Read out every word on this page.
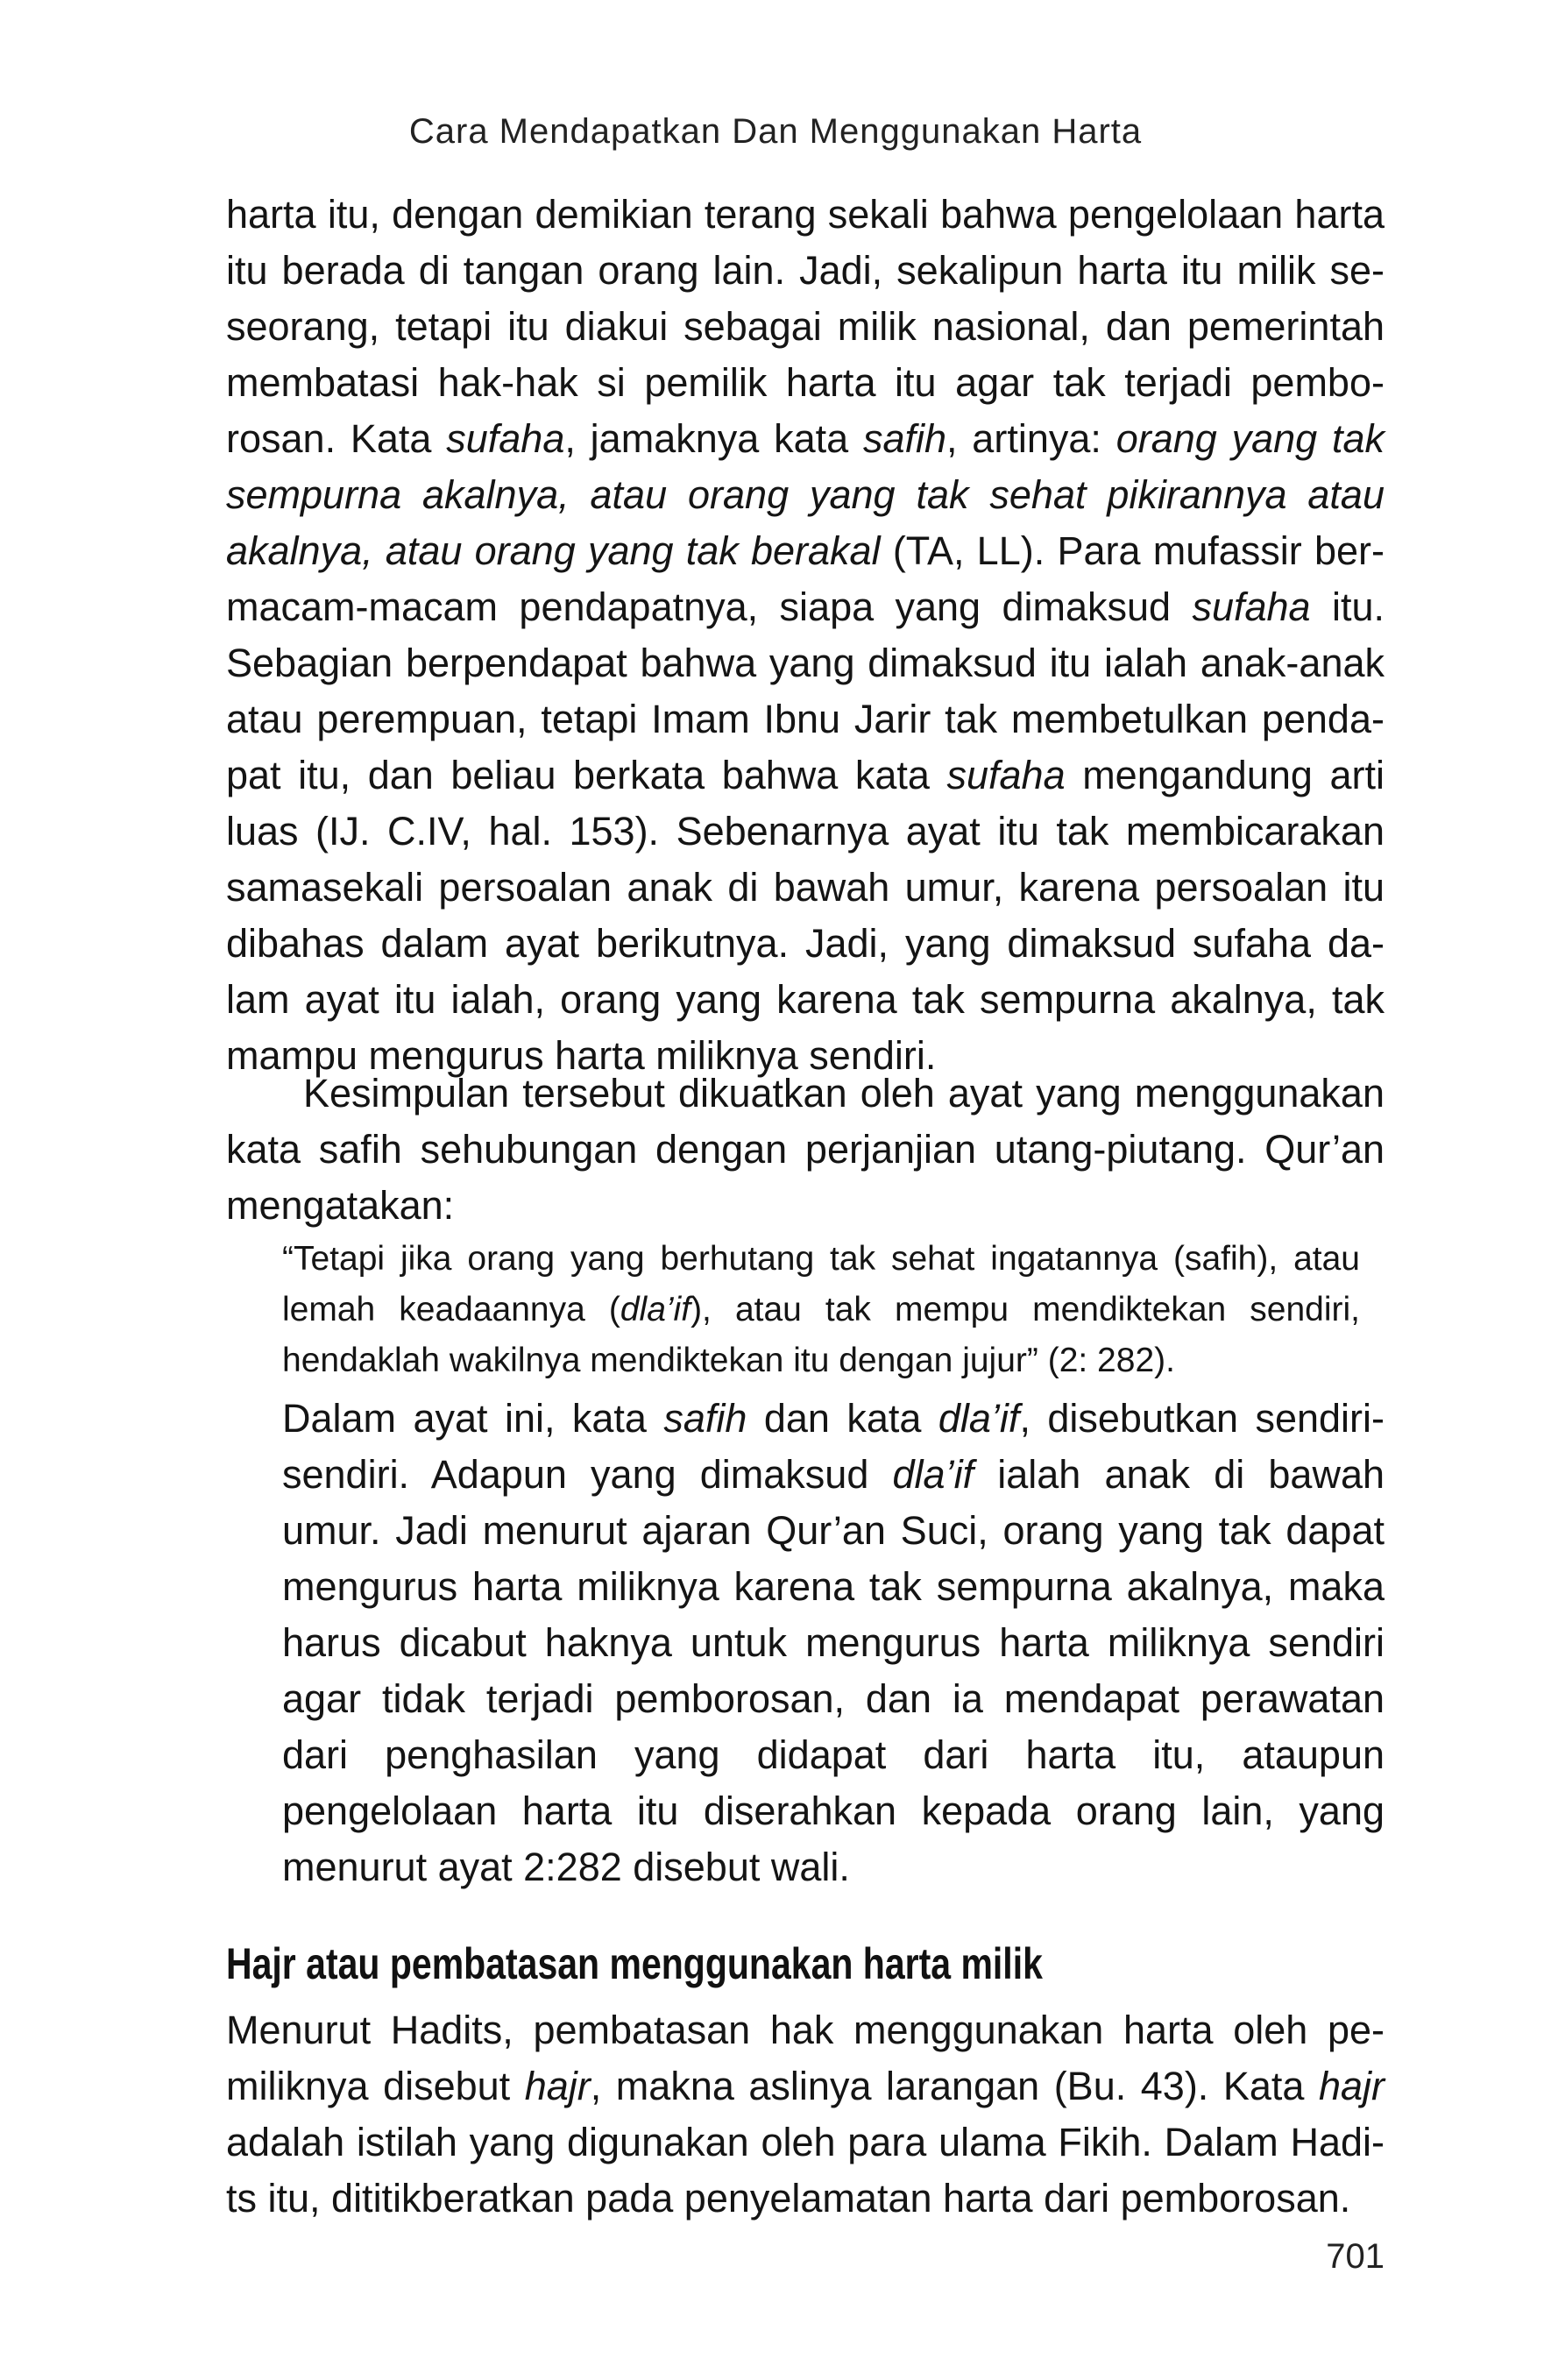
Cara Mendapatkan Dan Menggunakan Harta
harta itu, dengan demikian terang sekali bahwa pengelolaan harta itu berada di tangan orang lain. Jadi, sekalipun harta itu milik seseorang, tetapi itu diakui sebagai milik nasional, dan pemerintah membatasi hak-hak si pemilik harta itu agar tak terjadi pemborosan. Kata sufaha, jamaknya kata safih, artinya: orang yang tak sempurna akalnya, atau orang yang tak sehat pikirannya atau akalnya, atau orang yang tak berakal (TA, LL). Para mufassir bermacam-macam pendapatnya, siapa yang dimaksud sufaha itu. Sebagian berpendapat bahwa yang dimaksud itu ialah anak-anak atau perempuan, tetapi Imam Ibnu Jarir tak membetulkan pendapat itu, dan beliau berkata bahwa kata sufaha mengandung arti luas (IJ. C.IV, hal. 153). Sebenarnya ayat itu tak membicarakan samasekali persoalan anak di bawah umur, karena persoalan itu dibahas dalam ayat berikutnya. Jadi, yang dimaksud sufaha dalam ayat itu ialah, orang yang karena tak sempurna akalnya, tak mampu mengurus harta miliknya sendiri.
Kesimpulan tersebut dikuatkan oleh ayat yang menggunakan kata safih sehubungan dengan perjanjian utang-piutang. Qur’an mengatakan:
“Tetapi jika orang yang berhutang tak sehat ingatannya (safih), atau lemah keadaannya (dla’if), atau tak mempu mendiktekan sendiri, hendaklah wakilnya mendiktekan itu dengan jujur” (2: 282).
Dalam ayat ini, kata safih dan kata dla’if, disebutkan sendiri-sendiri. Adapun yang dimaksud dla’if ialah anak di bawah umur. Jadi menurut ajaran Qur’an Suci, orang yang tak dapat mengurus harta miliknya karena tak sempurna akalnya, maka harus dicabut haknya untuk mengurus harta miliknya sendiri agar tidak terjadi pemborosan, dan ia mendapat perawatan dari penghasilan yang didapat dari harta itu, ataupun pengelolaan harta itu diserahkan kepada orang lain, yang menurut ayat 2:282 disebut wali.
Hajr atau pembatasan menggunakan harta milik
Menurut Hadits, pembatasan hak menggunakan harta oleh pemiliknya disebut hajr, makna aslinya larangan (Bu. 43). Kata hajr adalah istilah yang digunakan oleh para ulama Fikih. Dalam Hadits itu, dititikberatkan pada penyelamatan harta dari pemborosan.
701
